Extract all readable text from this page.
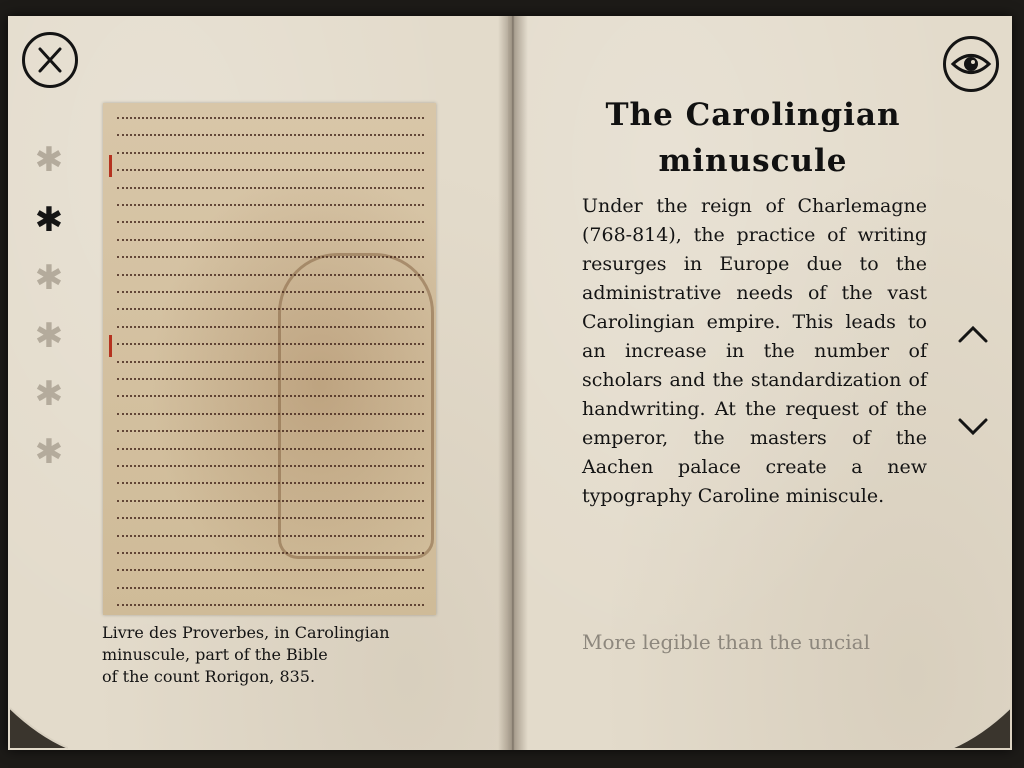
✱
✱
✱
✱
✱
✱
Livre des Proverbes, in Carolingian
minuscule, part of the Bible
of the count Rorigon, 835.
The Carolingian minuscule

Under the reign of Charlemagne (768-814), the practice of writing resurges in Europe due to the administrative needs of the vast Carolingian empire. This leads to an increase in the number of scholars and the standardization of handwriting. At the request of the emperor, the masters of the Aachen palace create a new typography Caroline miniscule.

More legible than the uncial
